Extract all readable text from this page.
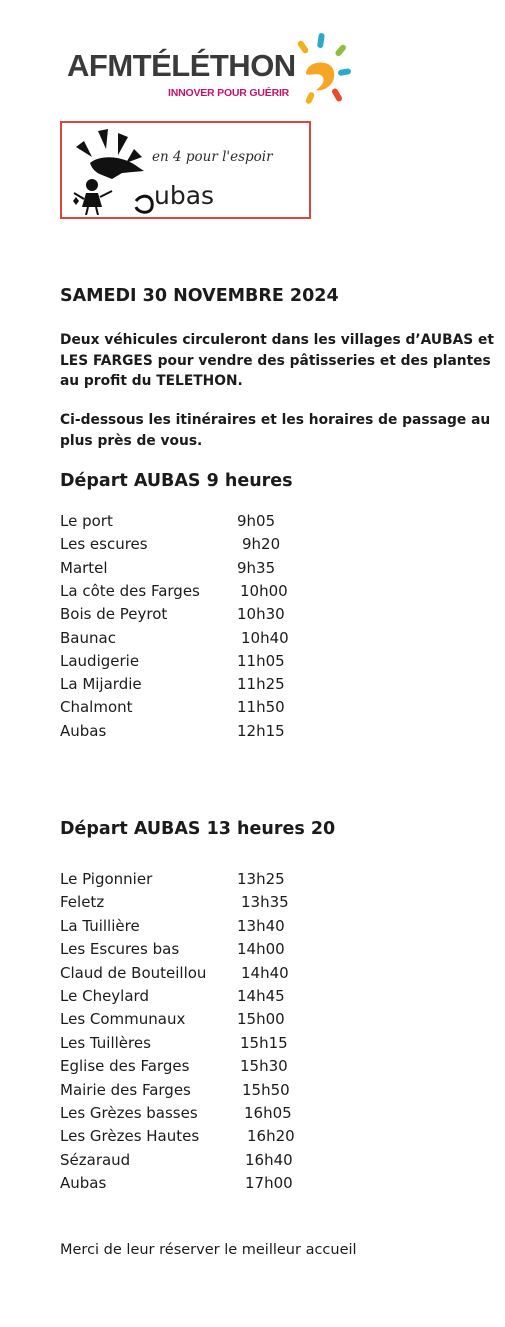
AFMTÉLÉTHON
INNOVER POUR GUÉRIR
en 4 pour l'espoir
ubas
SAMEDI 30 NOVEMBRE 2024
Deux véhicules circuleront dans les villages d’AUBAS et LES FARGES pour vendre des pâtisseries et des plantes au profit du TELETHON.
Ci-dessous les itinéraires et les horaires de passage au plus près de vous.
Départ AUBAS 9 heures
Le port	9h05
Les escures	9h20
Martel	9h35
La côte des Farges	10h00
Bois de Peyrot	10h30
Baunac	10h40
Laudigerie	11h05
La Mijardie	11h25
Chalmont	11h50
Aubas	12h15
Départ AUBAS 13 heures 20
Le Pigonnier	13h25
Feletz	13h35
La Tuillière	13h40
Les Escures bas	14h00
Claud de Bouteillou 14h40
Le Cheylard	14h45
Les Communaux	15h00
Les Tuillères	15h15
Eglise des Farges	15h30
Mairie des Farges	15h50
Les Grèzes basses	16h05
Les Grèzes Hautes	16h20
Sézaraud	16h40
Aubas	17h00
Merci de leur réserver le meilleur accueil
